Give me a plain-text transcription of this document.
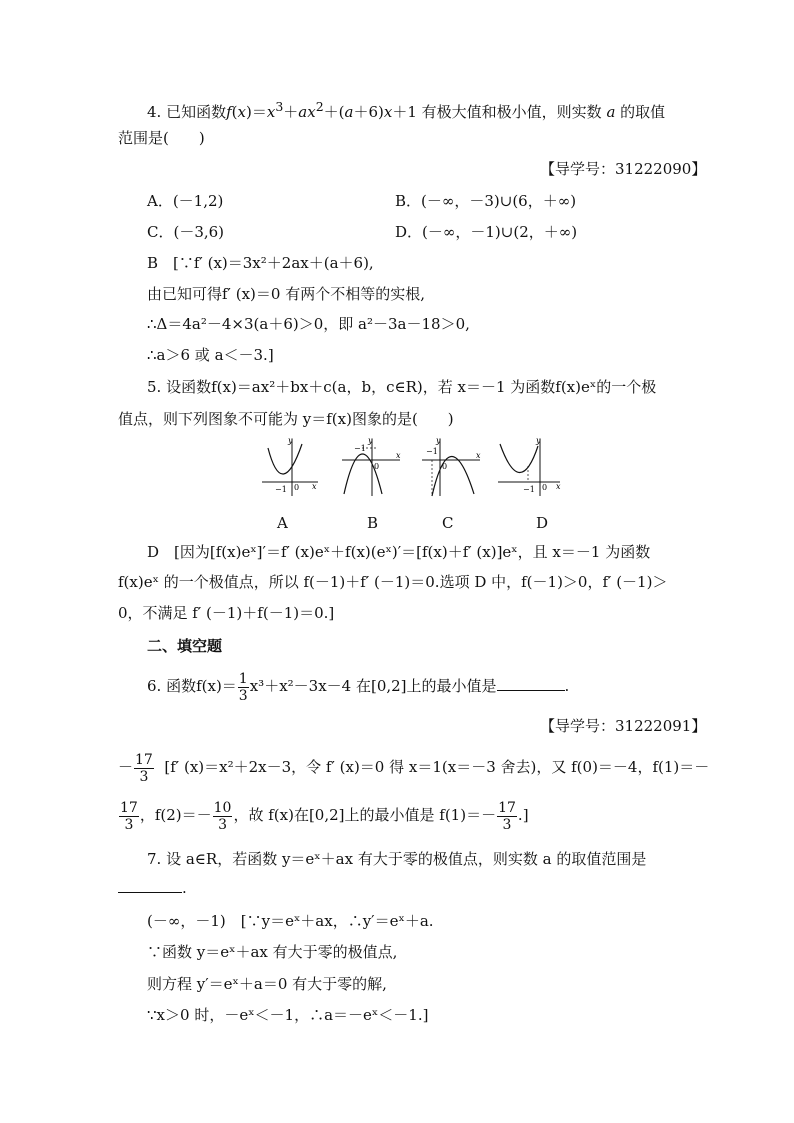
4. 已知函数$f(x)=x^3+ax^2+(a+6)x+1$ 有极大值和极小值，则实数 a 的取值
范围是(　　)
【导学号：31222090】
A．(－1,2)	B．(－∞，－3)∪(6，＋∞)
C．(－3,6)	D．(－∞，－1)∪(2，＋∞)
B　[∵f′ (x)＝3x²＋2ax＋(a＋6),
由已知可得f′ (x)＝0 有两个不相等的实根,
∴Δ＝4a²－4×3(a＋6)＞0，即 a²－3a－18＞0,
∴a＞6 或 a＜－3.]
5. 设函数f(x)＝ax²＋bx＋c(a，b，c∈R)，若 x＝－1 为函数f(x)eˣ的一个极
值点，则下列图象不可能为 y＝f(x)图象的是(　　)
y
x
0
−1
A
y
x
0
−1
B
y
x
0
−1
C
y
x
0
−1
D
D　[因为[f(x)eˣ]′＝f′ (x)eˣ＋f(x)(eˣ)′＝[f(x)＋f′ (x)]eˣ，且 x＝－1 为函数
f(x)eˣ 的一个极值点，所以 f(－1)＋f′ (－1)＝0.选项 D 中，f(－1)＞0，f′ (－1)＞
0，不满足 f′ (－1)＋f(－1)＝0.]
二、填空题
6. 函数$f(x)= \frac{1}{3} x^3+x^2-3x-4$ 在[0,2]上的最小值是	.
【导学号：31222091】
－ $\frac{17}{3} [f'$ (x)＝x²＋2x－3，令 f′ (x)＝0 得 x＝1(x＝－3 舍去)，又 f(0)＝－4，f(1)＝－
$\frac{17}{3}$ ，$f(2)=- \frac{10}{3}$ ，故 f(x)在[0,2]上的最小值是 $f(1)=- \frac{17}{3}$ .]
7. 设 a∈R，若函数 y＝eˣ＋ax 有大于零的极值点，则实数 a 的取值范围是
.
(－∞，－1)　[∵y＝eˣ＋ax，∴y′＝eˣ＋a.
∵函数 y＝eˣ＋ax 有大于零的极值点,
则方程 y′＝eˣ＋a＝0 有大于零的解,
∵x＞0 时，－eˣ＜－1，∴a＝－eˣ＜－1.]
